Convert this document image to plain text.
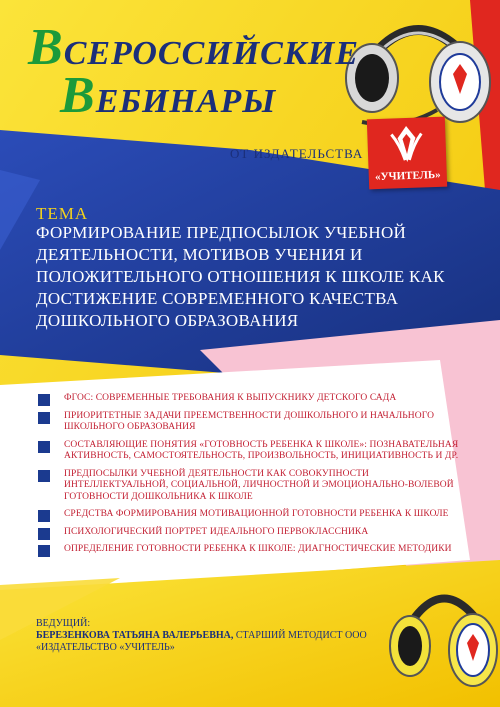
ВСЕРОССИЙСКИЕ
ВЕБИНАРЫ
ОТ ИЗДАТЕЛЬСТВА
«УЧИТЕЛЬ»
ТЕМА
ФОРМИРОВАНИЕ ПРЕДПОСЫЛОК УЧЕБНОЙ ДЕЯТЕЛЬНОСТИ, МОТИВОВ УЧЕНИЯ И ПОЛОЖИТЕЛЬНОГО ОТНОШЕНИЯ К ШКОЛЕ КАК ДОСТИЖЕНИЕ СОВРЕМЕННОГО КАЧЕСТВА ДОШКОЛЬНОГО ОБРАЗОВАНИЯ
ФГОС: СОВРЕМЕННЫЕ ТРЕБОВАНИЯ К ВЫПУСКНИКУ ДЕТСКОГО САДА
ПРИОРИТЕТНЫЕ ЗАДАЧИ ПРЕЕМСТВЕННОСТИ ДОШКОЛЬНОГО И НАЧАЛЬНОГО ШКОЛЬНОГО ОБРАЗОВАНИЯ
СОСТАВЛЯЮЩИЕ ПОНЯТИЯ «ГОТОВНОСТЬ РЕБЕНКА К ШКОЛЕ»: ПОЗНАВАТЕЛЬНАЯ АКТИВНОСТЬ, САМОСТОЯТЕЛЬНОСТЬ, ПРОИЗВОЛЬНОСТЬ, ИНИЦИАТИВНОСТЬ И ДР.
ПРЕДПОСЫЛКИ УЧЕБНОЙ ДЕЯТЕЛЬНОСТИ КАК СОВОКУПНОСТИ ИНТЕЛЛЕКТУАЛЬНОЙ, СОЦИАЛЬНОЙ, ЛИЧНОСТНОЙ И ЭМОЦИОНАЛЬНО-ВОЛЕВОЙ ГОТОВНОСТИ ДОШКОЛЬНИКА К ШКОЛЕ
СРЕДСТВА ФОРМИРОВАНИЯ МОТИВАЦИОННОЙ ГОТОВНОСТИ РЕБЕНКА К ШКОЛЕ
ПСИХОЛОГИЧЕСКИЙ ПОРТРЕТ ИДЕАЛЬНОГО ПЕРВОКЛАССНИКА
ОПРЕДЕЛЕНИЕ ГОТОВНОСТИ РЕБЕНКА К ШКОЛЕ: ДИАГНОСТИЧЕСКИЕ МЕТОДИКИ
ВЕДУЩИЙ:
БЕРЕЗЕНКОВА ТАТЬЯНА ВАЛЕРЬЕВНА, СТАРШИЙ МЕТОДИСТ ООО «ИЗДАТЕЛЬСТВО «УЧИТЕЛЬ»
